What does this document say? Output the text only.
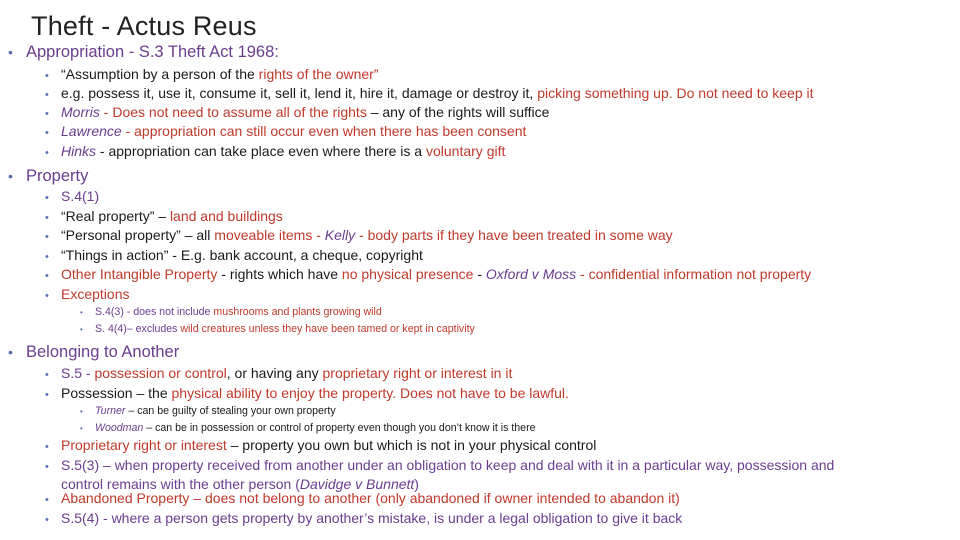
Theft - Actus Reus
• Appropriation - S.3 Theft Act 1968:
• “Assumption by a person of the rights of the owner”
• e.g. possess it, use it, consume it, sell it, lend it, hire it, damage or destroy it, picking something up. Do not need to keep it
• Morris - Does not need to assume all of the rights – any of the rights will suffice
• Lawrence - appropriation can still occur even when there has been consent
• Hinks - appropriation can take place even where there is a voluntary gift
• Property
• S.4(1)
• “Real property” – land and buildings
• “Personal property” – all moveable items - Kelly - body parts if they have been treated in some way
• “Things in action” - E.g. bank account, a cheque, copyright
• Other Intangible Property - rights which have no physical presence - Oxford v Moss - confidential information not property
• Exceptions
• S.4(3) - does not include mushrooms and plants growing wild
• S. 4(4)– excludes wild creatures unless they have been tamed or kept in captivity
• Belonging to Another
• S.5 - possession or control, or having any proprietary right or interest in it
• Possession – the physical ability to enjoy the property. Does not have to be lawful.
• Turner – can be guilty of stealing your own property
• Woodman – can be in possession or control of property even though you don’t know it is there
• Proprietary right or interest – property you own but which is not in your physical control
• S.5(3) – when property received from another under an obligation to keep and deal with it in a particular way, possession and
control remains with the other person (Davidge v Bunnett)
• Abandoned Property – does not belong to another (only abandoned if owner intended to abandon it)
• S.5(4) - where a person gets property by another’s mistake, is under a legal obligation to give it back
